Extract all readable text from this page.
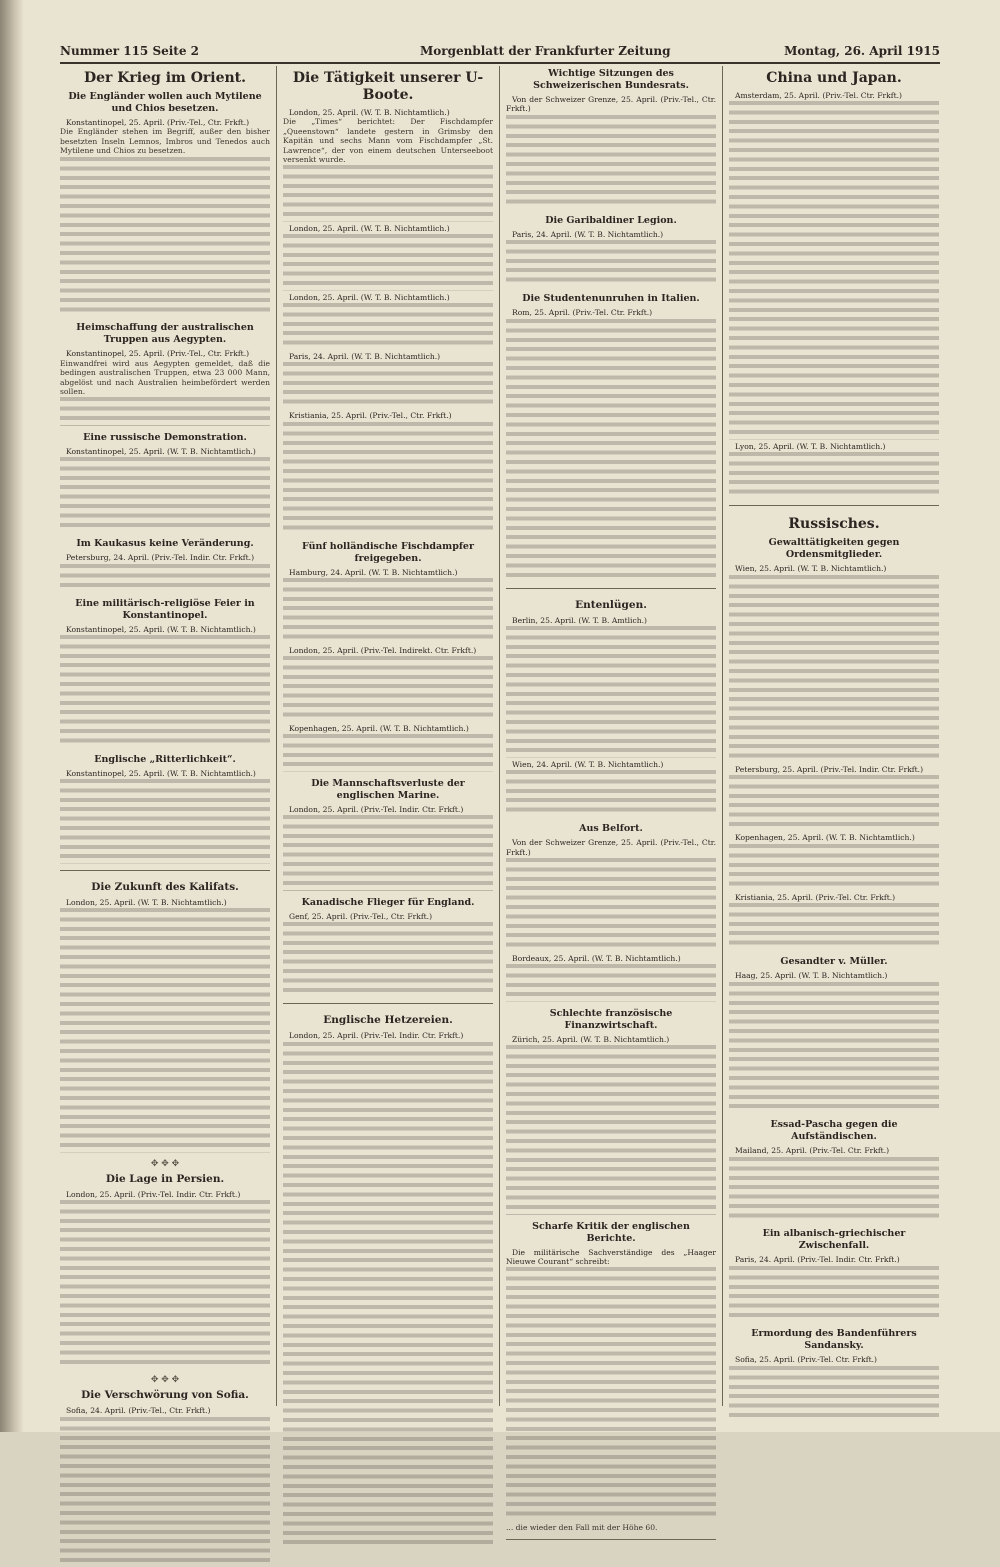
Nummer 115 Seite 2	Morgenblatt der Frankfurter Zeitung	Montag, 26. April 1915
Der Krieg im Orient.
Die Engländer wollen auch Mytilene und Chios besetzen.

Konstantinopel, 25. April. (Priv.-Tel., Ctr. Frkft.)

Die Engländer stehen im Begriff, außer den bisher besetzten Inseln Lemnos, Imbros und Tenedos auch Mytilene und Chios zu besetzen.

Heimschaffung der australischen Truppen aus Aegypten.

Konstantinopel, 25. April. (Priv.-Tel., Ctr. Frkft.)

Einwandfrei wird aus Aegypten gemeldet, daß die bedingen australischen Truppen, etwa 23 000 Mann, abgelöst und nach Australien heimbefördert werden sollen.

Eine russische Demonstration.

Konstantinopel, 25. April. (W. T. B. Nichtamtlich.)

Im Kaukasus keine Veränderung.

Petersburg, 24. April. (Priv.-Tel. Indir. Ctr. Frkft.)

Eine militärisch-religiöse Feier in Konstantinopel.

Konstantinopel, 25. April. (W. T. B. Nichtamtlich.)

Englische „Ritterlichkeit“.

Konstantinopel, 25. April. (W. T. B. Nichtamtlich.)

Die Zukunft des Kalifats.

London, 25. April. (W. T. B. Nichtamtlich.)

✥ ✥ ✥
Die Lage in Persien.

London, 25. April. (Priv.-Tel. Indir. Ctr. Frkft.)

✥ ✥ ✥
Die Verschwörung von Sofia.

Sofia, 24. April. (Priv.-Tel., Ctr. Frkft.)

Die Tätigkeit unserer U-Boote.

London, 25. April. (W. T. B. Nichtamtlich.)

Die „Times“ berichtet: Der Fischdampfer „Queenstown“ landete gestern in Grimsby den Kapitän und sechs Mann vom Fischdampfer „St. Lawrence“, der von einem deutschen Unterseeboot versenkt wurde.

London, 25. April. (W. T. B. Nichtamtlich.)

London, 25. April. (W. T. B. Nichtamtlich.)

Paris, 24. April. (W. T. B. Nichtamtlich.)

Kristiania, 25. April. (Priv.-Tel., Ctr. Frkft.)

Fünf holländische Fischdampfer freigegeben.

Hamburg, 24. April. (W. T. B. Nichtamtlich.)

London, 25. April. (Priv.-Tel. Indirekt. Ctr. Frkft.)

Kopenhagen, 25. April. (W. T. B. Nichtamtlich.)

Die Mannschaftsverluste der englischen Marine.

London, 25. April. (Priv.-Tel. Indir. Ctr. Frkft.)

Kanadische Flieger für England.

Genf, 25. April. (Priv.-Tel., Ctr. Frkft.)

Englische Hetzereien.

London, 25. April. (Priv.-Tel. Indir. Ctr. Frkft.)

Wichtige Sitzungen des Schweizerischen Bundesrats.

Von der Schweizer Grenze, 25. April. (Priv.-Tel., Ctr. Frkft.)

Die Garibaldiner Legion.

Paris, 24. April. (W. T. B. Nichtamtlich.)

Die Studentenunruhen in Italien.

Rom, 25. April. (Priv.-Tel. Ctr. Frkft.)

Entenlügen.

Berlin, 25. April. (W. T. B. Amtlich.)

Wien, 24. April. (W. T. B. Nichtamtlich.)

Aus Belfort.

Von der Schweizer Grenze, 25. April. (Priv.-Tel., Ctr. Frkft.)

Bordeaux, 25. April. (W. T. B. Nichtamtlich.)

Schlechte französische Finanzwirtschaft.

Zürich, 25. April. (W. T. B. Nichtamtlich.)

Scharfe Kritik der englischen Berichte.

Die militärische Sachverständige des „Haager Nieuwe Courant“ schreibt:

... die wieder den Fall mit der Höhe 60.

China und Japan.

Amsterdam, 25. April. (Priv.-Tel. Ctr. Frkft.)

Lyon, 25. April. (W. T. B. Nichtamtlich.)

Russisches.
Gewalttätigkeiten gegen Ordensmitglieder.

Wien, 25. April. (W. T. B. Nichtamtlich.)

Petersburg, 25. April. (Priv.-Tel. Indir. Ctr. Frkft.)

Kopenhagen, 25. April. (W. T. B. Nichtamtlich.)

Kristiania, 25. April. (Priv.-Tel. Ctr. Frkft.)

Gesandter v. Müller.

Haag, 25. April. (W. T. B. Nichtamtlich.)

Essad-Pascha gegen die Aufständischen.

Mailand, 25. April. (Priv.-Tel. Ctr. Frkft.)

Ein albanisch-griechischer Zwischenfall.

Paris, 24. April. (Priv.-Tel. Indir. Ctr. Frkft.)

Ermordung des Bandenführers Sandansky.

Sofia, 25. April. (Priv.-Tel. Ctr. Frkft.)
